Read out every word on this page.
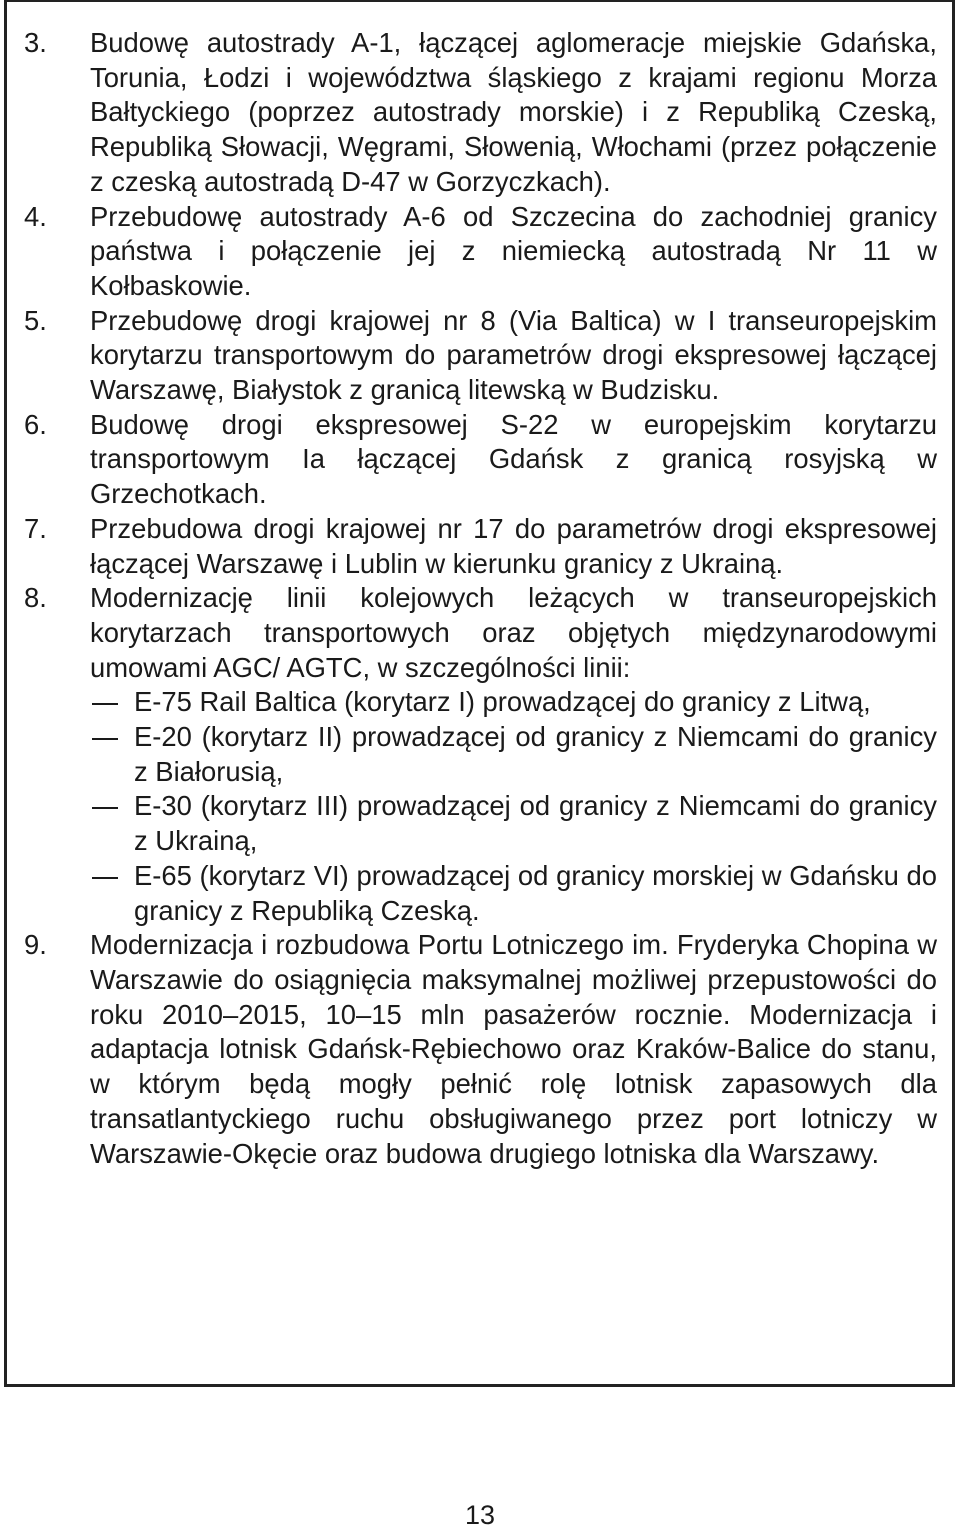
3.	Budowę autostrady A-1, łączącej aglomeracje miejskie Gdańska, Torunia, Łodzi i województwa śląskiego z krajami regionu Morza Bałtyckiego (poprzez autostrady morskie) i z Republiką Czeską, Republiką Słowacji, Węgrami, Słowenią, Włochami (przez połączenie z czeską autostradą D-47 w Gorzyczkach).
4.	Przebudowę autostrady A-6 od Szczecina do zachodniej granicy państwa i połączenie jej z niemiecką autostradą Nr 11 w Kołbaskowie.
5.	Przebudowę drogi krajowej nr 8 (Via Baltica) w I transeuropejskim korytarzu transportowym do parametrów drogi ekspresowej łączącej Warszawę, Białystok z granicą litewską w Budzisku.
6.	Budowę drogi ekspresowej S-22 w europejskim korytarzu transportowym Ia łączącej Gdańsk z granicą rosyjską w Grzechotkach.
7.	Przebudowa drogi krajowej nr 17 do parametrów drogi ekspresowej łączącej Warszawę i Lublin w kierunku granicy z Ukrainą.
8.	Modernizację linii kolejowych leżących w transeuropejskich korytarzach transportowych oraz objętych międzynarodowymi umowami AGC/ AGTC, w szczególności linii:
E-75 Rail Baltica (korytarz I) prowadzącej do granicy z Litwą,
E-20 (korytarz II) prowadzącej od granicy z Niemcami do granicy z Białorusią,
E-30 (korytarz III) prowadzącej od granicy z Niemcami do granicy z Ukrainą,
E-65 (korytarz VI) prowadzącej od granicy morskiej w Gdańsku do granicy z Republiką Czeską.
9.	Modernizacja i rozbudowa Portu Lotniczego im. Fryderyka Chopina w Warszawie do osiągnięcia maksymalnej możliwej przepustowości do roku 2010–2015, 10–15 mln pasażerów rocznie. Modernizacja i adaptacja lotnisk Gdańsk-Rębiechowo oraz Kraków-Balice do stanu, w którym będą mogły pełnić rolę lotnisk zapasowych dla transatlantyckiego ruchu obsługiwanego przez port lotniczy w Warszawie-Okęcie oraz budowa drugiego lotniska dla Warszawy.
13
